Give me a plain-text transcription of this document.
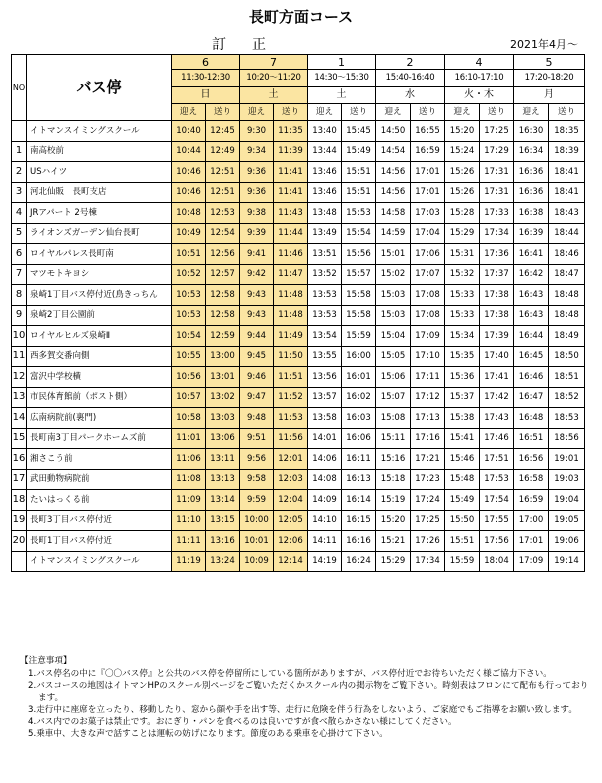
長町方面コース
訂　正	2021年4月～
NO	バス停	6		7		1		2		4		5	
		11:30-12:30		10:20～11:20		14:30～15:30		15:40-16:40		16:10-17:10		17:20-18:20	
		日		土		土		水		火・木		月	
		迎え	送り	迎え	送り	迎え	送り	迎え	送り	迎え	送り	迎え	送り
	イトマンスイミングスクール	10:40	12:45	9:30	11:35	13:40	15:45	14:50	16:55	15:20	17:25	16:30	18:35
1	南高校前	10:44	12:49	9:34	11:39	13:44	15:49	14:54	16:59	15:24	17:29	16:34	18:39
2	USハイツ	10:46	12:51	9:36	11:41	13:46	15:51	14:56	17:01	15:26	17:31	16:36	18:41
3	河北仙販　長町支店	10:46	12:51	9:36	11:41	13:46	15:51	14:56	17:01	15:26	17:31	16:36	18:41
4	JRアパート 2号棟	10:48	12:53	9:38	11:43	13:48	15:53	14:58	17:03	15:28	17:33	16:38	18:43
5	ライオンズガーデン仙台長町	10:49	12:54	9:39	11:44	13:49	15:54	14:59	17:04	15:29	17:34	16:39	18:44
6	ロイヤルパレス長町南	10:51	12:56	9:41	11:46	13:51	15:56	15:01	17:06	15:31	17:36	16:41	18:46
7	マツモトキヨシ	10:52	12:57	9:42	11:47	13:52	15:57	15:02	17:07	15:32	17:37	16:42	18:47
8	泉崎1丁目バス停付近(鳥きっちん	10:53	12:58	9:43	11:48	13:53	15:58	15:03	17:08	15:33	17:38	16:43	18:48
9	泉崎2丁目公園前	10:53	12:58	9:43	11:48	13:53	15:58	15:03	17:08	15:33	17:38	16:43	18:48
10	ロイヤルヒルズ泉崎Ⅱ	10:54	12:59	9:44	11:49	13:54	15:59	15:04	17:09	15:34	17:39	16:44	18:49
11	西多賀交番向側	10:55	13:00	9:45	11:50	13:55	16:00	15:05	17:10	15:35	17:40	16:45	18:50
12	富沢中学校横	10:56	13:01	9:46	11:51	13:56	16:01	15:06	17:11	15:36	17:41	16:46	18:51
13	市民体育館前（ポスト側）	10:57	13:02	9:47	11:52	13:57	16:02	15:07	17:12	15:37	17:42	16:47	18:52
14	広南病院前(裏門)	10:58	13:03	9:48	11:53	13:58	16:03	15:08	17:13	15:38	17:43	16:48	18:53
15	長町南3丁目パークホームズ前	11:01	13:06	9:51	11:56	14:01	16:06	15:11	17:16	15:41	17:46	16:51	18:56
16	湘さこう前	11:06	13:11	9:56	12:01	14:06	16:11	15:16	17:21	15:46	17:51	16:56	19:01
17	武田動物病院前	11:08	13:13	9:58	12:03	14:08	16:13	15:18	17:23	15:48	17:53	16:58	19:03
18	たいはっくる前	11:09	13:14	9:59	12:04	14:09	16:14	15:19	17:24	15:49	17:54	16:59	19:04
19	長町3丁目バス停付近	11:10	13:15	10:00	12:05	14:10	16:15	15:20	17:25	15:50	17:55	17:00	19:05
20	長町1丁目バス停付近	11:11	13:16	10:01	12:06	14:11	16:16	15:21	17:26	15:51	17:56	17:01	19:06
	イトマンスイミングスクール	11:19	13:24	10:09	12:14	14:19	16:24	15:29	17:34	15:59	18:04	17:09	19:14
【注意事項】
1.バス停名の中に『〇〇バス停』と公共のバス停を停留所にしている箇所がありますが、バス停付近でお待ちいただく様ご協力下さい。
2.バスコースの地図はイトマンHPのスクール別ページをご覧いただくかスクール内の掲示物をご覧下さい。時刻表はフロンにて配布も行っております。
3.走行中に座席を立ったり、移動したり、窓から顔や手を出す等、走行に危険を伴う行為をしないよう、ご家庭でもご指導をお願い致します。
4.バス内でのお菓子は禁止です。おにぎり・パンを食べるのは良いですが食べ散らかさない様にしてください。
5.乗車中、大きな声で話すことは運転の妨げになります。節度のある乗車を心掛けて下さい。
